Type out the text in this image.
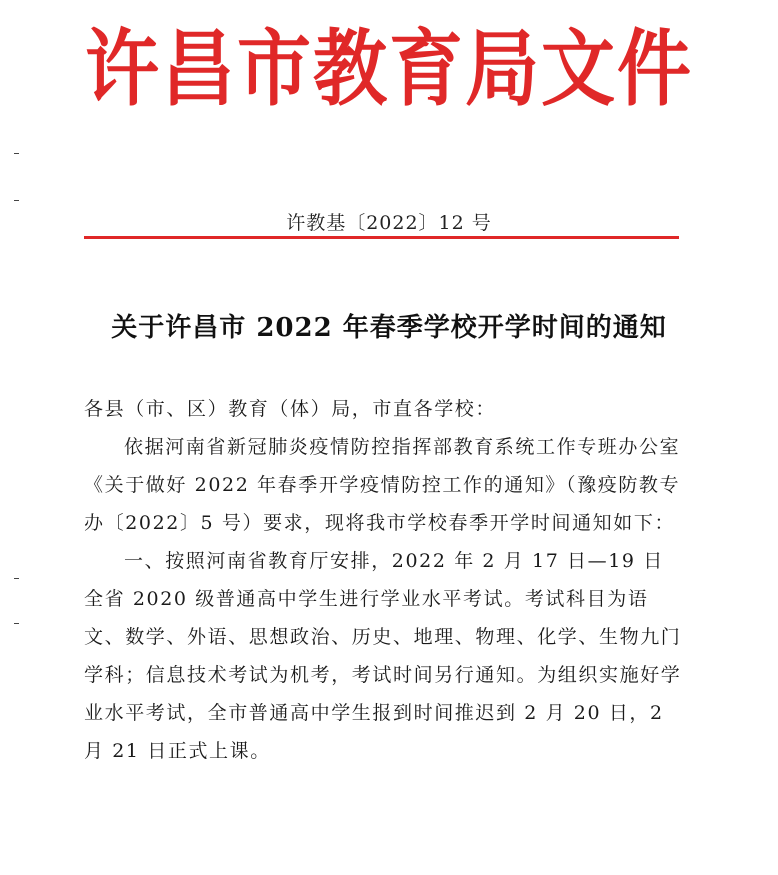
许昌市教育局文件
许教基〔2022〕12 号
关于许昌市 2022 年春季学校开学时间的通知

各县（市、区）教育（体）局，市直各学校：

依据河南省新冠肺炎疫情防控指挥部教育系统工作专班办公室《关于做好 2022 年春季开学疫情防控工作的通知》（豫疫防教专办〔2022〕5 号）要求，现将我市学校春季开学时间通知如下：

一、按照河南省教育厅安排，2022 年 2 月 17 日—19 日全省 2020 级普通高中学生进行学业水平考试。考试科目为语文、数学、外语、思想政治、历史、地理、物理、化学、生物九门学科；信息技术考试为机考，考试时间另行通知。为组织实施好学业水平考试，全市普通高中学生报到时间推迟到 2 月 20 日，2 月 21 日正式上课。
